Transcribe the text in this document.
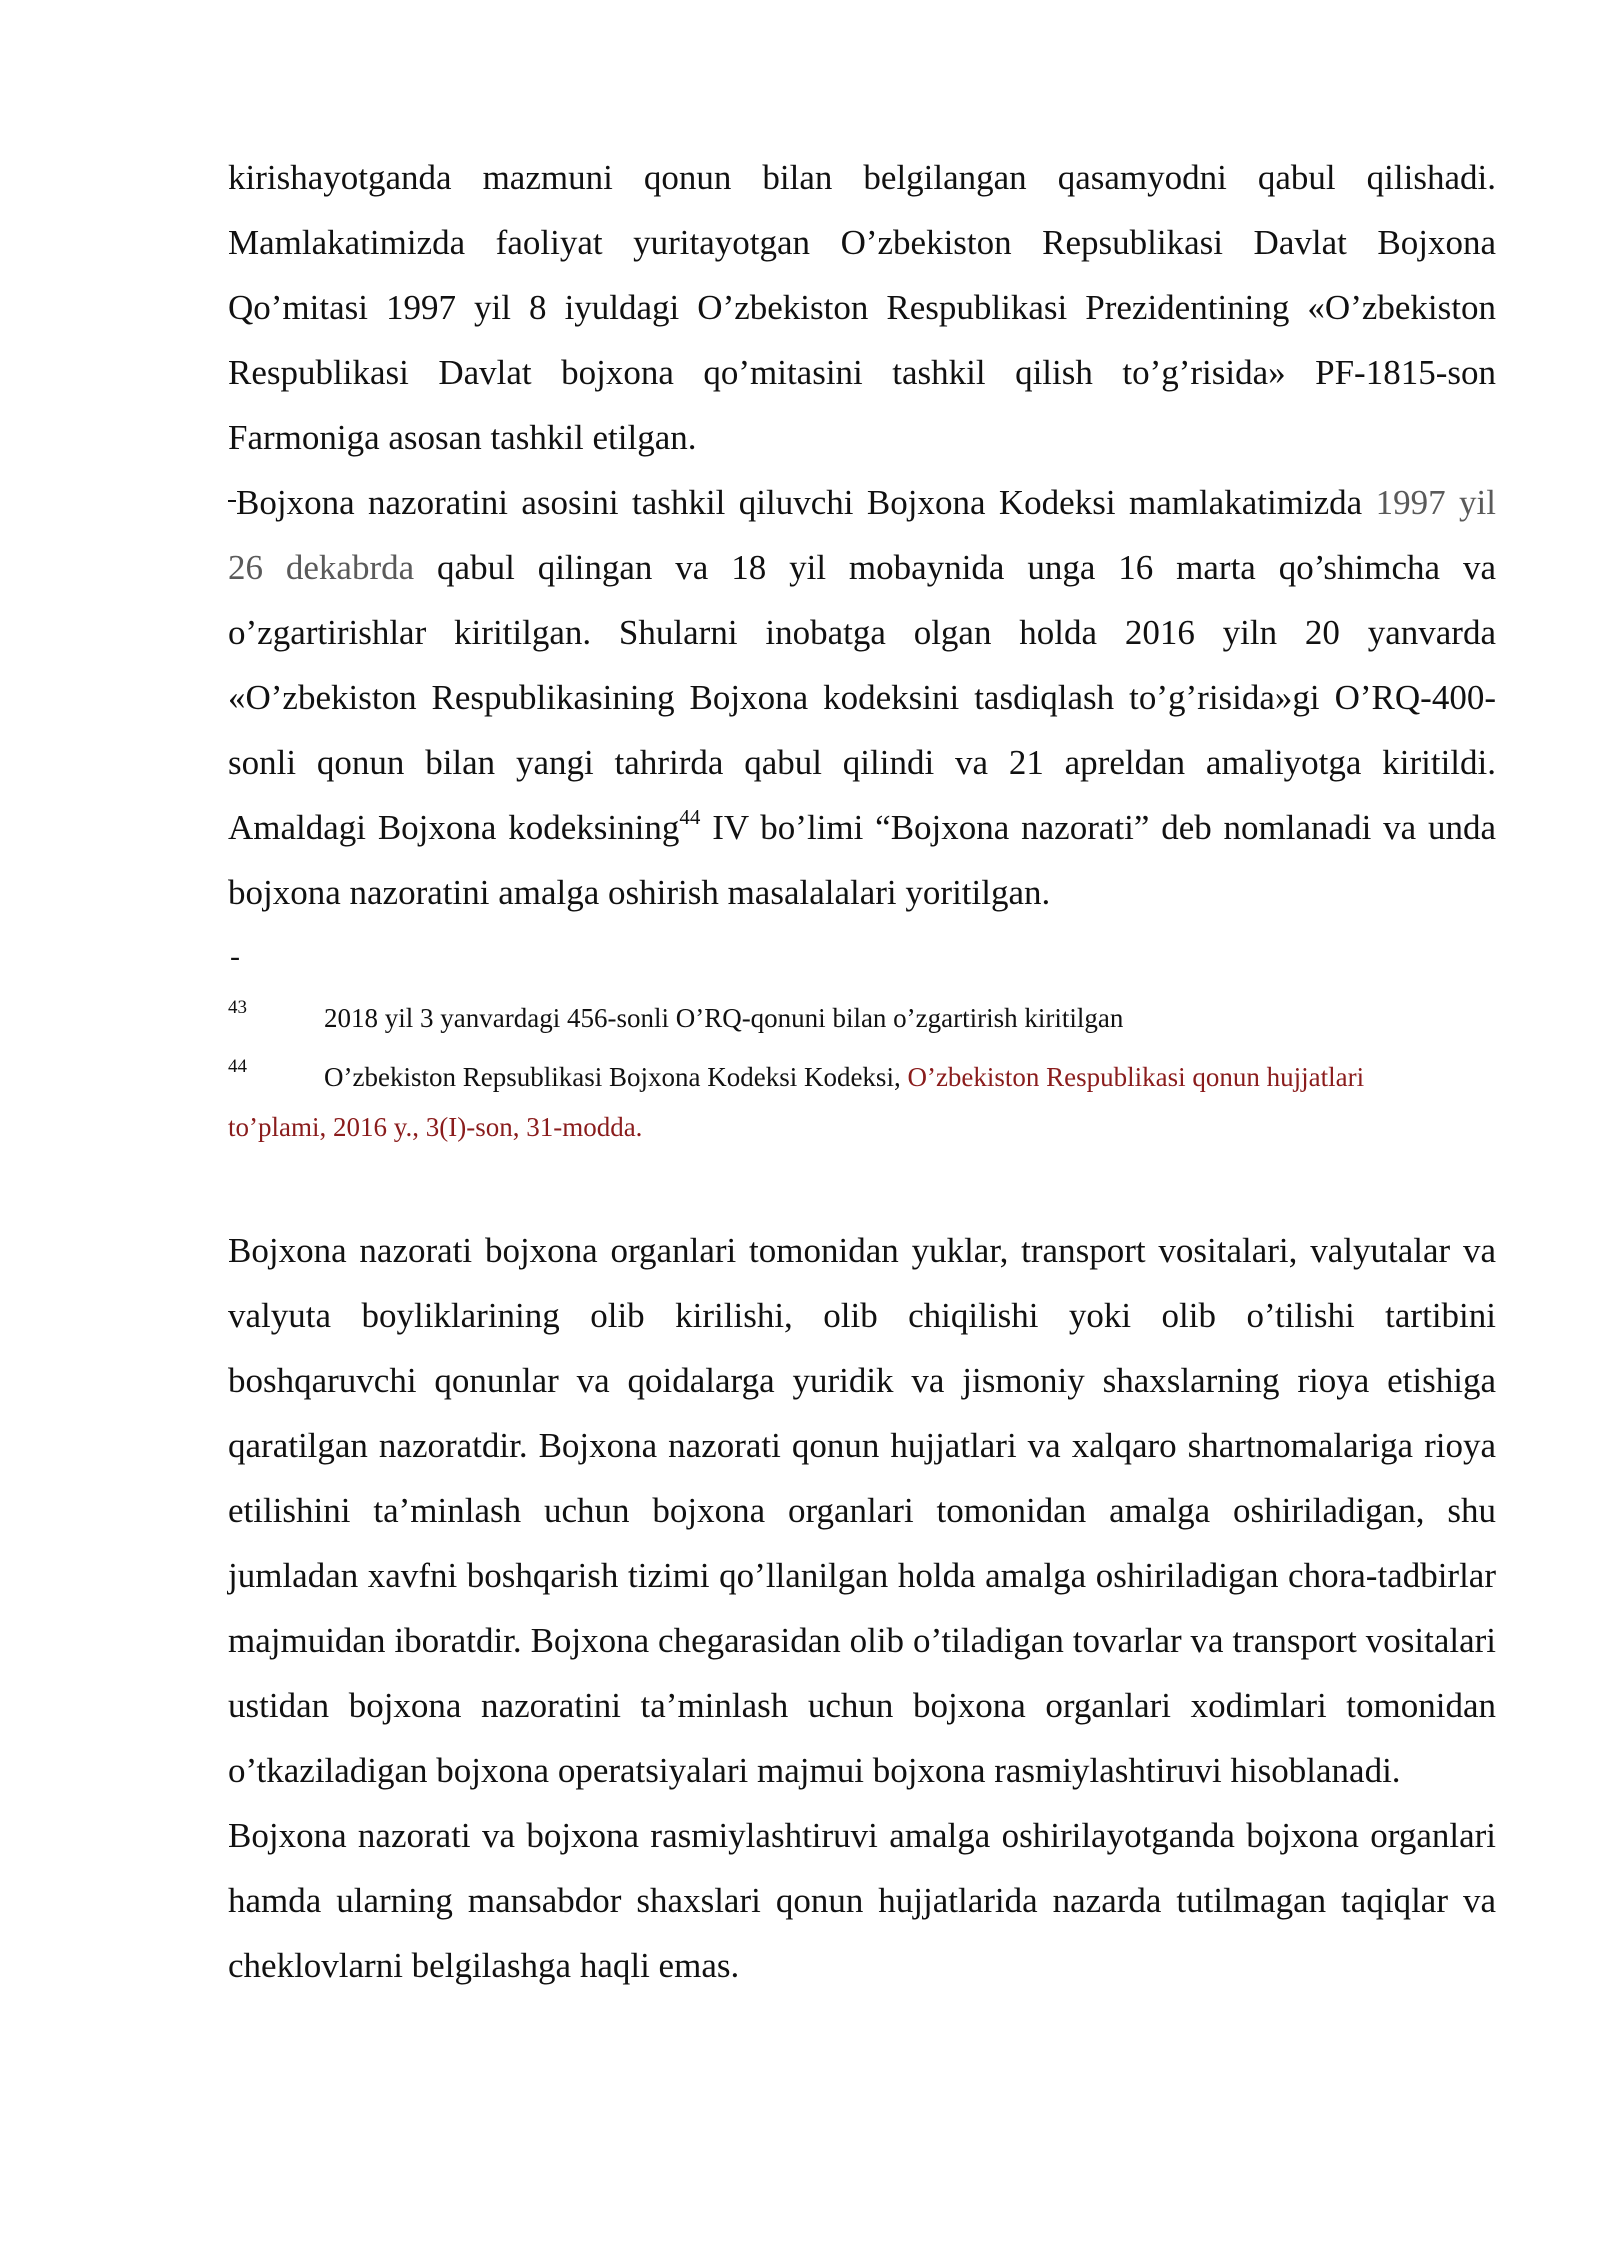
kirishayotganda mazmuni qonun bilan belgilangan qasamyodni qabul qilishadi. Mamlakatimizda faoliyat yuritayotgan O’zbekiston Repsublikasi Davlat Bojxona Qo’mitasi 1997 yil 8 iyuldagi O’zbekiston Respublikasi Prezidentining «O’zbekiston Respublikasi Davlat bojxona qo’mitasini tashkil qilish to’g’risida» PF-1815-son Farmoniga asosan tashkil etilgan.

Bojxona nazoratini asosini tashkil qiluvchi Bojxona Kodeksi mamlakatimizda 1997 yil 26 dekabrda qabul qilingan va 18 yil mobaynida unga 16 marta qo’shimcha va o’zgartirishlar kiritilgan. Shularni inobatga olgan holda 2016 yiln 20 yanvarda «O’zbekiston Respublikasining Bojxona kodeksini tasdiqlash to’g’risida»gi O’RQ-400-sonli qonun bilan yangi tahrirda qabul qilindi va 21 apreldan amaliyotga kiritildi. Amaldagi Bojxona kodeksining$^{44}$ IV bo’limi “Bojxona nazorati” deb nomlanadi va unda bojxona nazoratini amalga oshirish masalalalari yoritilgan.

-
43	2018 yil 3 yanvardagi 456-sonli O’RQ-qonuni bilan o’zgartirish kiritilgan
44	O’zbekiston Repsublikasi Bojxona Kodeksi Kodeksi, O’zbekiston Respublikasi qonun hujjatlari
to’plami, 2016 y., 3(I)-son, 31-modda.

Bojxona nazorati bojxona organlari tomonidan yuklar, transport vositalari, valyutalar va valyuta boyliklarining olib kirilishi, olib chiqilishi yoki olib o’tilishi tartibini boshqaruvchi qonunlar va qoidalarga yuridik va jismoniy shaxslarning rioya etishiga qaratilgan nazoratdir. Bojxona nazorati qonun hujjatlari va xalqaro shartnomalariga rioya etilishini ta’minlash uchun bojxona organlari tomonidan amalga oshiriladigan, shu jumladan xavfni boshqarish tizimi qo’llanilgan holda amalga oshiriladigan chora-tadbirlar majmuidan iboratdir. Bojxona chegarasidan olib o’tiladigan tovarlar va transport vositalari ustidan bojxona nazoratini ta’minlash uchun bojxona organlari xodimlari tomonidan o’tkaziladigan bojxona operatsiyalari majmui bojxona rasmiylashtiruvi hisoblanadi.

Bojxona nazorati va bojxona rasmiylashtiruvi amalga oshirilayotganda bojxona organlari hamda ularning mansabdor shaxslari qonun hujjatlarida nazarda tutilmagan taqiqlar va cheklovlarni belgilashga haqli emas.
